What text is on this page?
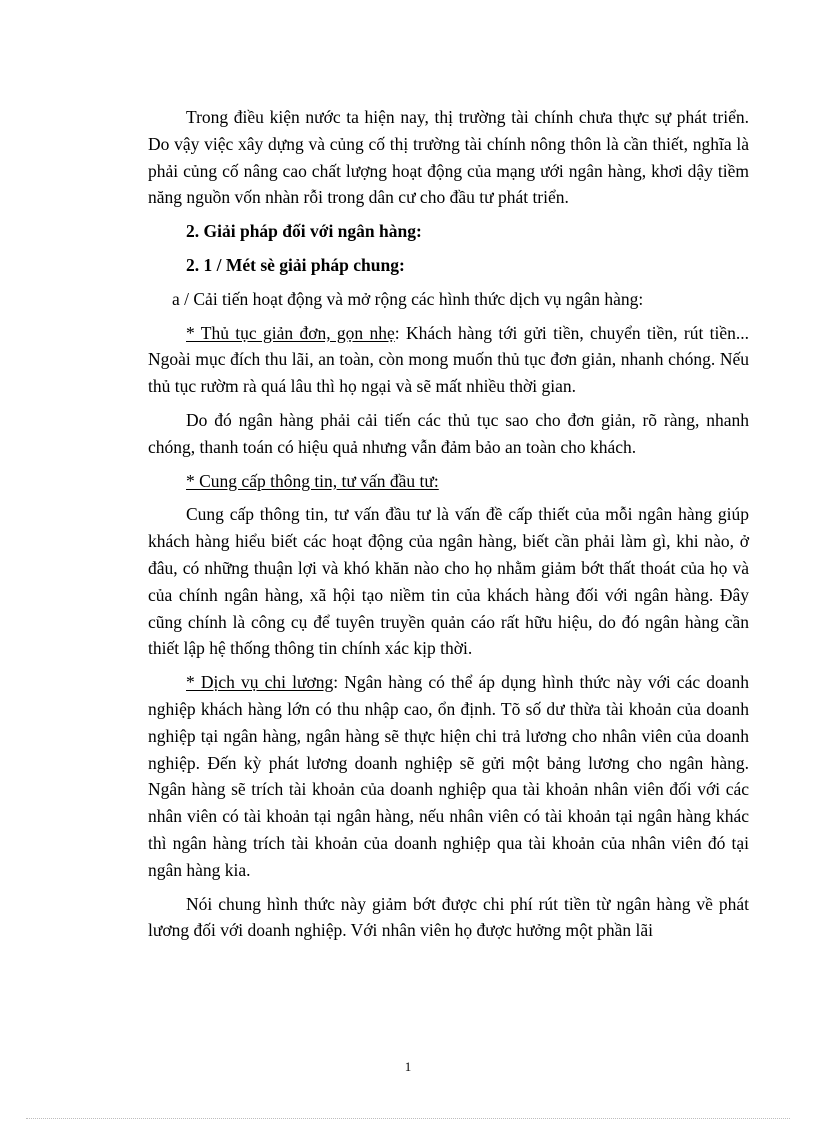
Trong điều kiện nước ta hiện nay, thị trường tài chính chưa thực sự phát triển. Do vậy việc xây dựng và củng cố thị trường tài chính nông thôn là cần thiết, nghĩa là phải củng cố nâng cao chất lượng hoạt động của mạng ưới ngân hàng, khơi dậy tiềm năng nguồn vốn nhàn rỗi trong dân cư cho đầu tư phát triển.

2. Giải pháp đối với ngân hàng:

2. 1 / Mét sè giải pháp chung:

a / Cải tiến hoạt động và mở rộng các hình thức dịch vụ ngân hàng:

* Thủ tục giản đơn, gọn nhẹ: Khách hàng tới gửi tiền, chuyển tiền, rút tiền... Ngoài mục đích thu lãi, an toàn, còn mong muốn thủ tục đơn giản, nhanh chóng. Nếu thủ tục rườm rà quá lâu thì họ ngại và sẽ mất nhiều thời gian.

Do đó ngân hàng phải cải tiến các thủ tục sao cho đơn giản, rõ ràng, nhanh chóng, thanh toán có hiệu quả nhưng vẫn đảm bảo an toàn cho khách.

* Cung cấp thông tin, tư vấn đầu tư:

Cung cấp thông tin, tư vấn đầu tư là vấn đề cấp thiết của mỗi ngân hàng giúp khách hàng hiểu biết các hoạt động của ngân hàng, biết cần phải làm gì, khi nào, ở đâu, có những thuận lợi và khó khăn nào cho họ nhằm giảm bớt thất thoát của họ và của chính ngân hàng, xã hội tạo niềm tin của khách hàng đối với ngân hàng. Đây cũng chính là công cụ để tuyên truyền quản cáo rất hữu hiệu, do đó ngân hàng cần thiết lập hệ thống thông tin chính xác kịp thời.

* Dịch vụ chi lương: Ngân hàng có thể áp dụng hình thức này với các doanh nghiệp khách hàng lớn có thu nhập cao, ổn định. Tõ số dư thừa tài khoản của doanh nghiệp tại ngân hàng, ngân hàng sẽ thực hiện chi trả lương cho nhân viên của doanh nghiệp. Đến kỳ phát lương doanh nghiệp sẽ gửi một bảng lương cho ngân hàng. Ngân hàng sẽ trích tài khoản của doanh nghiệp qua tài khoản nhân viên đối với các nhân viên có tài khoản tại ngân hàng, nếu nhân viên có tài khoản tại ngân hàng khác thì ngân hàng trích tài khoản của doanh nghiệp qua tài khoản của nhân viên đó tại ngân hàng kia.

Nói chung hình thức này giảm bớt được chi phí rút tiền từ ngân hàng về phát lương đối với doanh nghiệp. Với nhân viên họ được hưởng một phần lãi

1
